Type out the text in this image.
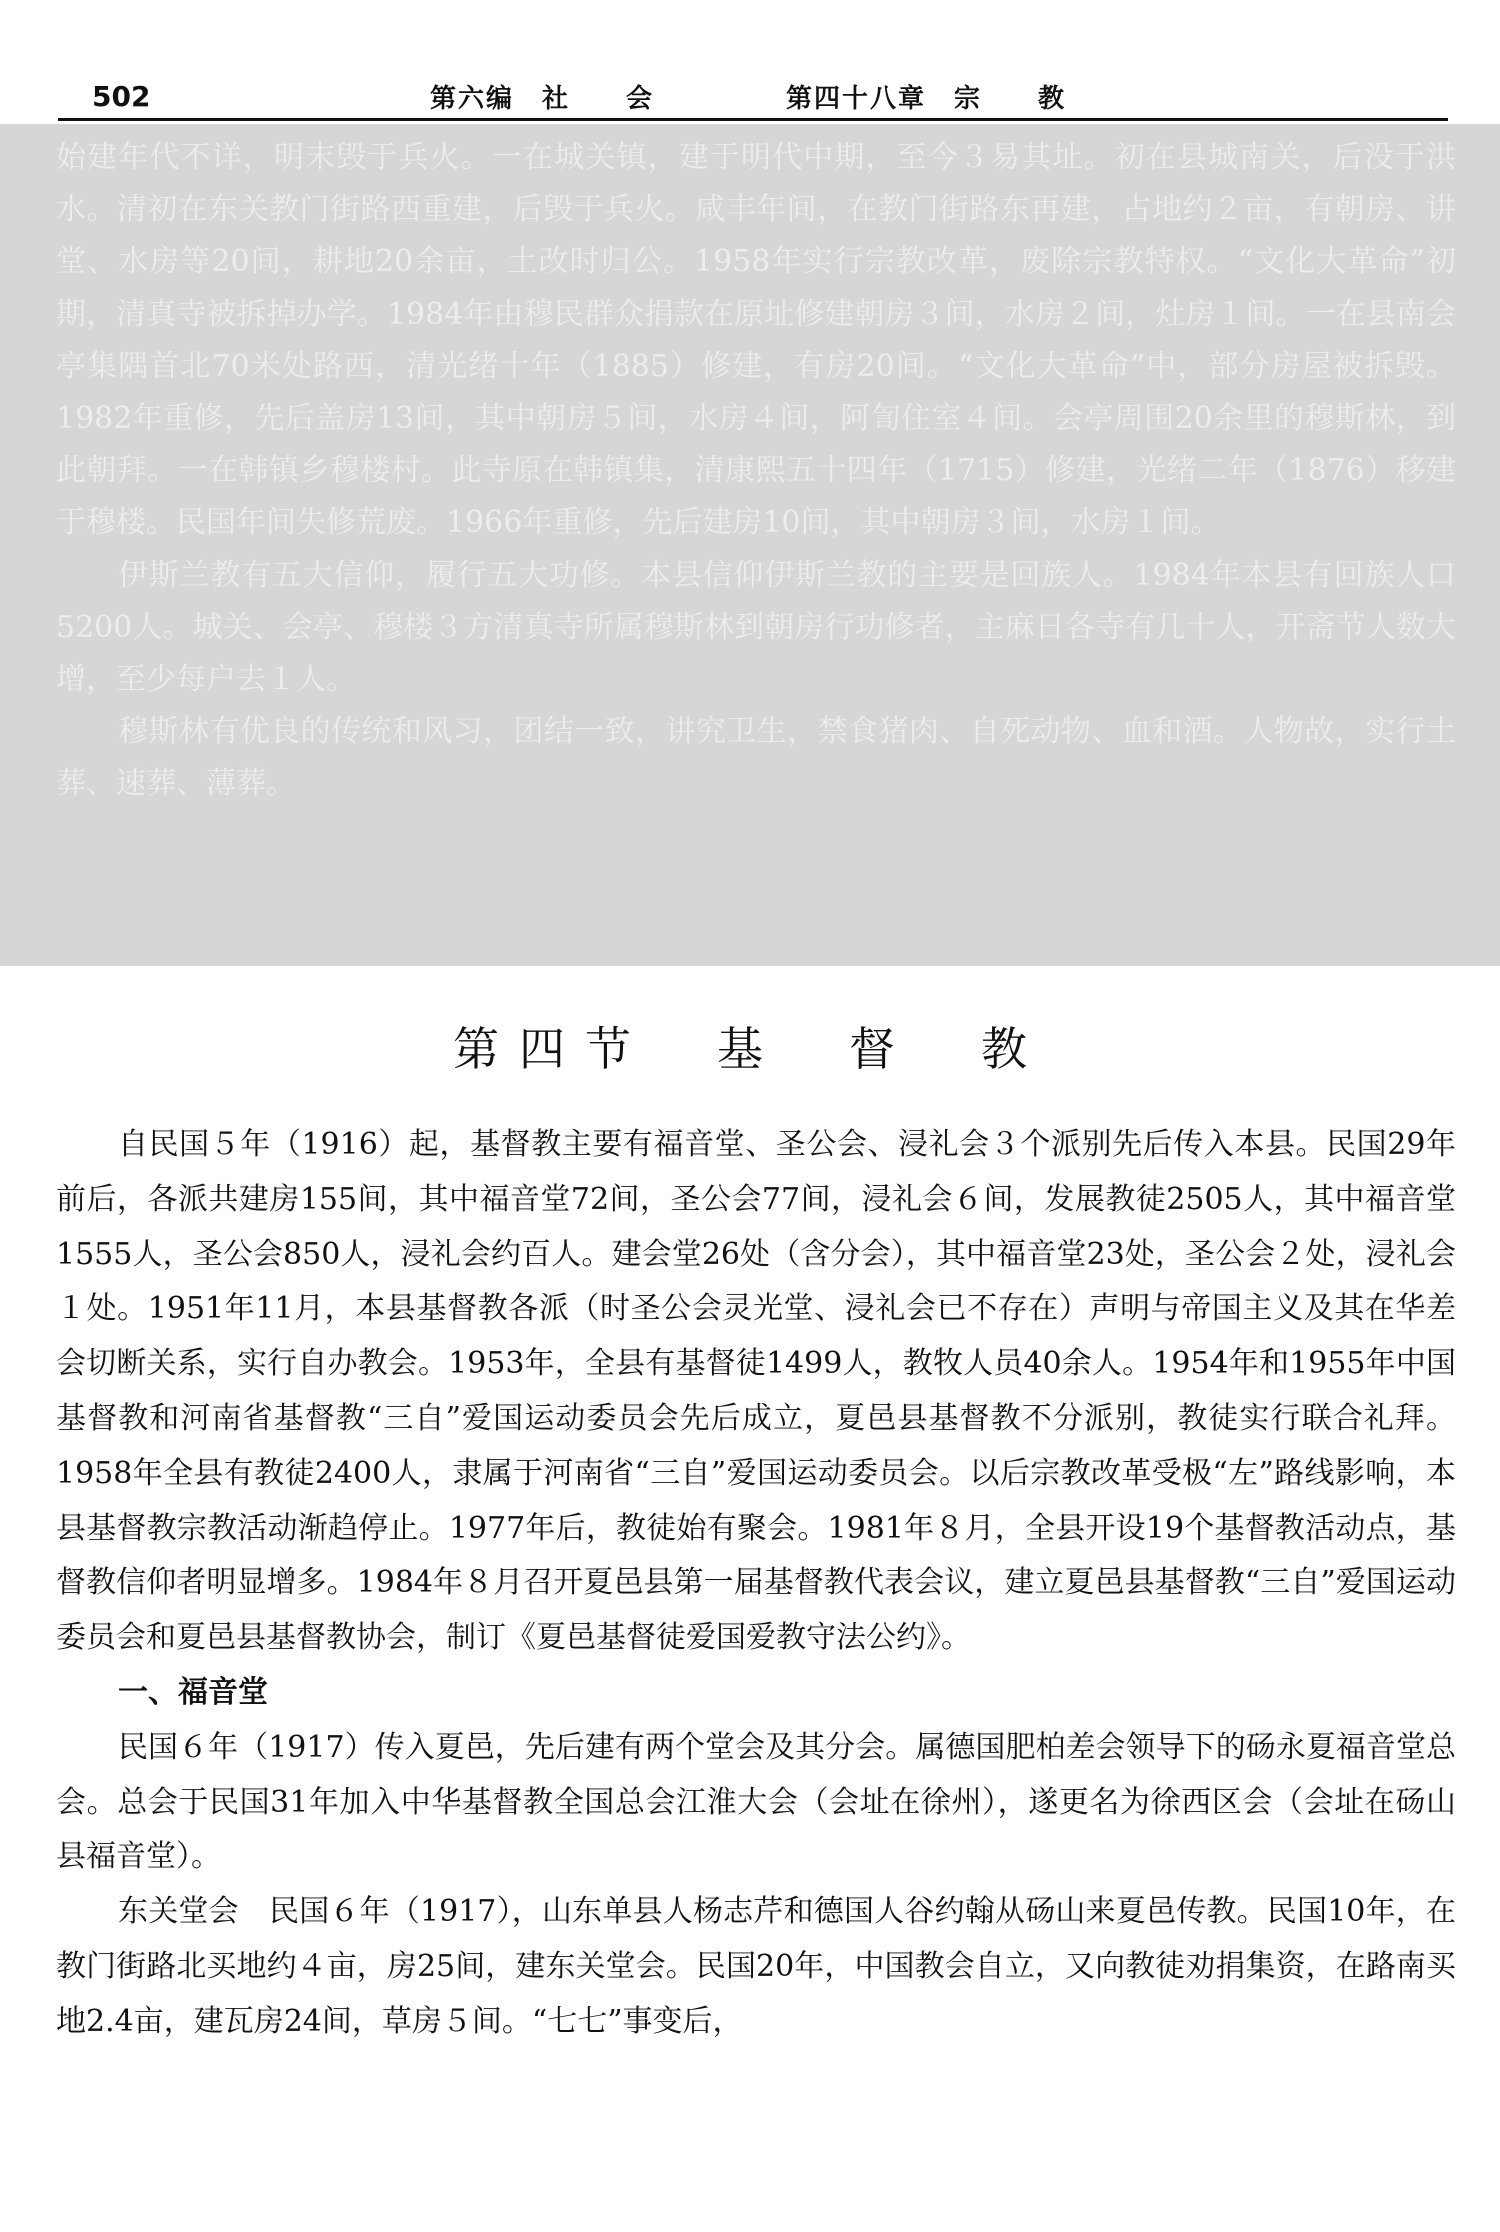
502	第六编　社　　会	第四十八章　宗　　教

始建年代不详，明末毁于兵火。一在城关镇，建于明代中期，至今３易其址。初在县城南关，后没于洪水。清初在东关教门街路西重建，后毁于兵火。咸丰年间，在教门街路东再建，占地约２亩，有朝房、讲堂、水房等20间，耕地20余亩，土改时归公。1958年实行宗教改革，废除宗教特权。“文化大革命”初期，清真寺被拆掉办学。1984年由穆民群众捐款在原址修建朝房３间，水房２间，灶房１间。一在县南会亭集隅首北70米处路西，清光绪十年（1885）修建，有房20间。“文化大革命”中，部分房屋被拆毁。1982年重修，先后盖房13间，其中朝房５间，水房４间，阿訇住室４间。会亭周围20余里的穆斯林，到此朝拜。一在韩镇乡穆楼村。此寺原在韩镇集，清康熙五十四年（1715）修建，光绪二年（1876）移建于穆楼。民国年间失修荒废。1966年重修，先后建房10间，其中朝房３间，水房１间。

伊斯兰教有五大信仰，履行五大功修。本县信仰伊斯兰教的主要是回族人。1984年本县有回族人口5200人。城关、会亭、穆楼３方清真寺所属穆斯林到朝房行功修者，主麻日各寺有几十人，开斋节人数大增，至少每户去１人。

穆斯林有优良的传统和风习，团结一致，讲究卫生，禁食猪肉、自死动物、血和酒。人物故，实行土葬、速葬、薄葬。

第四节　基　督　教

自民国５年（1916）起，基督教主要有福音堂、圣公会、浸礼会３个派别先后传入本县。民国29年前后，各派共建房155间，其中福音堂72间，圣公会77间，浸礼会６间，发展教徒2505人，其中福音堂1555人，圣公会850人，浸礼会约百人。建会堂26处（含分会），其中福音堂23处，圣公会２处，浸礼会１处。1951年11月，本县基督教各派（时圣公会灵光堂、浸礼会已不存在）声明与帝国主义及其在华差会切断关系，实行自办教会。1953年，全县有基督徒1499人，教牧人员40余人。1954年和1955年中国基督教和河南省基督教“三自”爱国运动委员会先后成立，夏邑县基督教不分派别，教徒实行联合礼拜。1958年全县有教徒2400人，隶属于河南省“三自”爱国运动委员会。以后宗教改革受极“左”路线影响，本县基督教宗教活动渐趋停止。1977年后，教徒始有聚会。1981年８月，全县开设19个基督教活动点，基督教信仰者明显增多。1984年８月召开夏邑县第一届基督教代表会议，建立夏邑县基督教“三自”爱国运动委员会和夏邑县基督教协会，制订《夏邑基督徒爱国爱教守法公约》。

一、福音堂

民国６年（1917）传入夏邑，先后建有两个堂会及其分会。属德国肥柏差会领导下的砀永夏福音堂总会。总会于民国31年加入中华基督教全国总会江淮大会（会址在徐州），遂更名为徐西区会（会址在砀山县福音堂）。

东关堂会　民国６年（1917），山东单县人杨志芹和德国人谷约翰从砀山来夏邑传教。民国10年，在教门街路北买地约４亩，房25间，建东关堂会。民国20年，中国教会自立，又向教徒劝捐集资，在路南买地2.4亩，建瓦房24间，草房５间。“七七”事变后，
